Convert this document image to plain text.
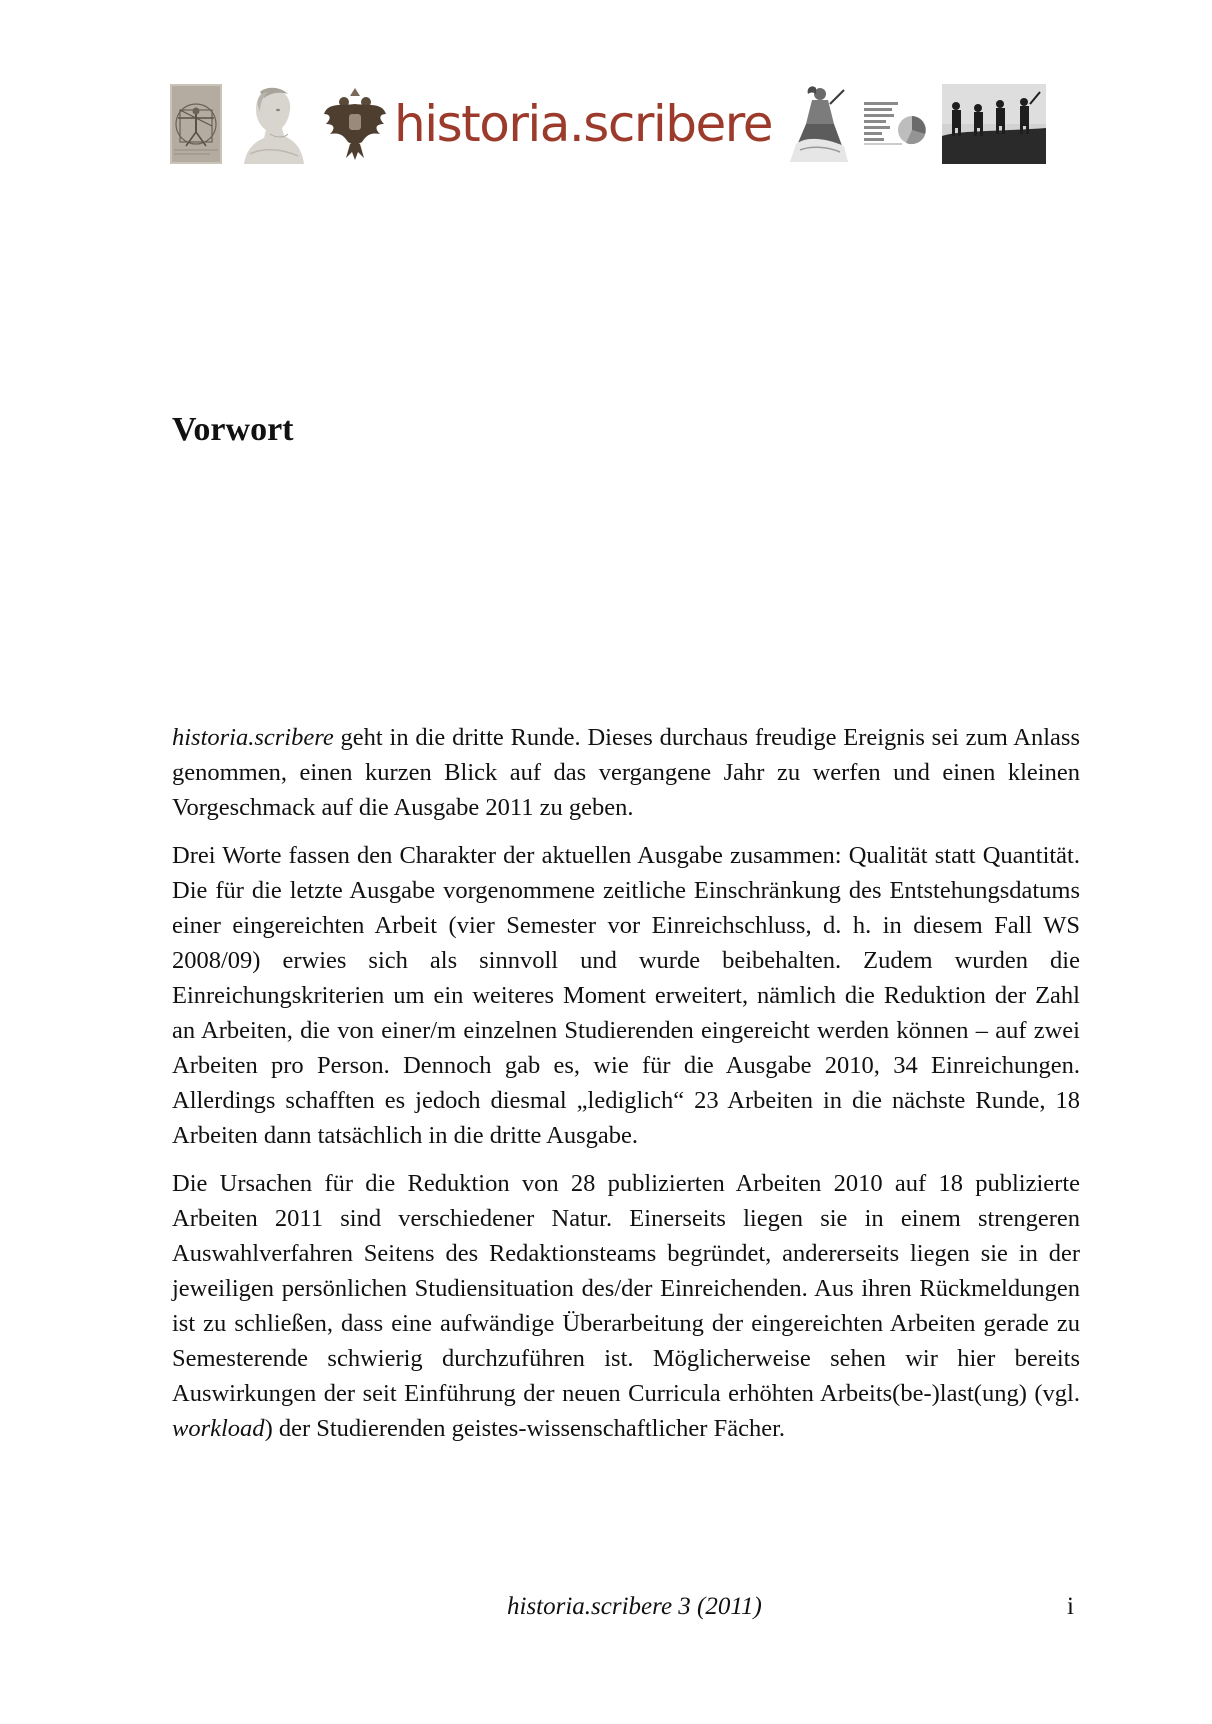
historia.scribere
Vorwort

historia.scribere geht in die dritte Runde. Dieses durchaus freudige Ereignis sei zum Anlass genommen, einen kurzen Blick auf das vergangene Jahr zu werfen und einen kleinen Vorgeschmack auf die Ausgabe 2011 zu geben.

Drei Worte fassen den Charakter der aktuellen Ausgabe zusammen: Qualität statt Quantität. Die für die letzte Ausgabe vorgenommene zeitliche Einschränkung des Entstehungsdatums einer eingereichten Arbeit (vier Semester vor Einreichschluss, d. h. in diesem Fall WS 2008/09) erwies sich als sinnvoll und wurde beibehalten. Zudem wurden die Einreichungskriterien um ein weiteres Moment erweitert, nämlich die Reduktion der Zahl an Arbeiten, die von einer/m einzelnen Studierenden eingereicht werden können – auf zwei Arbeiten pro Person. Dennoch gab es, wie für die Ausgabe 2010, 34 Einreichungen. Allerdings schafften es jedoch diesmal „lediglich“ 23 Arbeiten in die nächste Runde, 18 Arbeiten dann tatsächlich in die dritte Ausgabe.

Die Ursachen für die Reduktion von 28 publizierten Arbeiten 2010 auf 18 publizierte Arbeiten 2011 sind verschiedener Natur. Einerseits liegen sie in einem strengeren Auswahlverfahren Seitens des Redaktionsteams begründet, andererseits liegen sie in der jeweiligen persönlichen Studiensituation des/der Einreichenden. Aus ihren Rückmeldungen ist zu schließen, dass eine aufwändige Überarbeitung der eingereichten Arbeiten gerade zu Semesterende schwierig durchzuführen ist. Möglicherweise sehen wir hier bereits Auswirkungen der seit Einführung der neuen Curricula erhöhten Arbeits(be-)last(ung) (vgl. workload) der Studierenden geistes-wissenschaftlicher Fächer.

historia.scribere 3 (2011)	i
